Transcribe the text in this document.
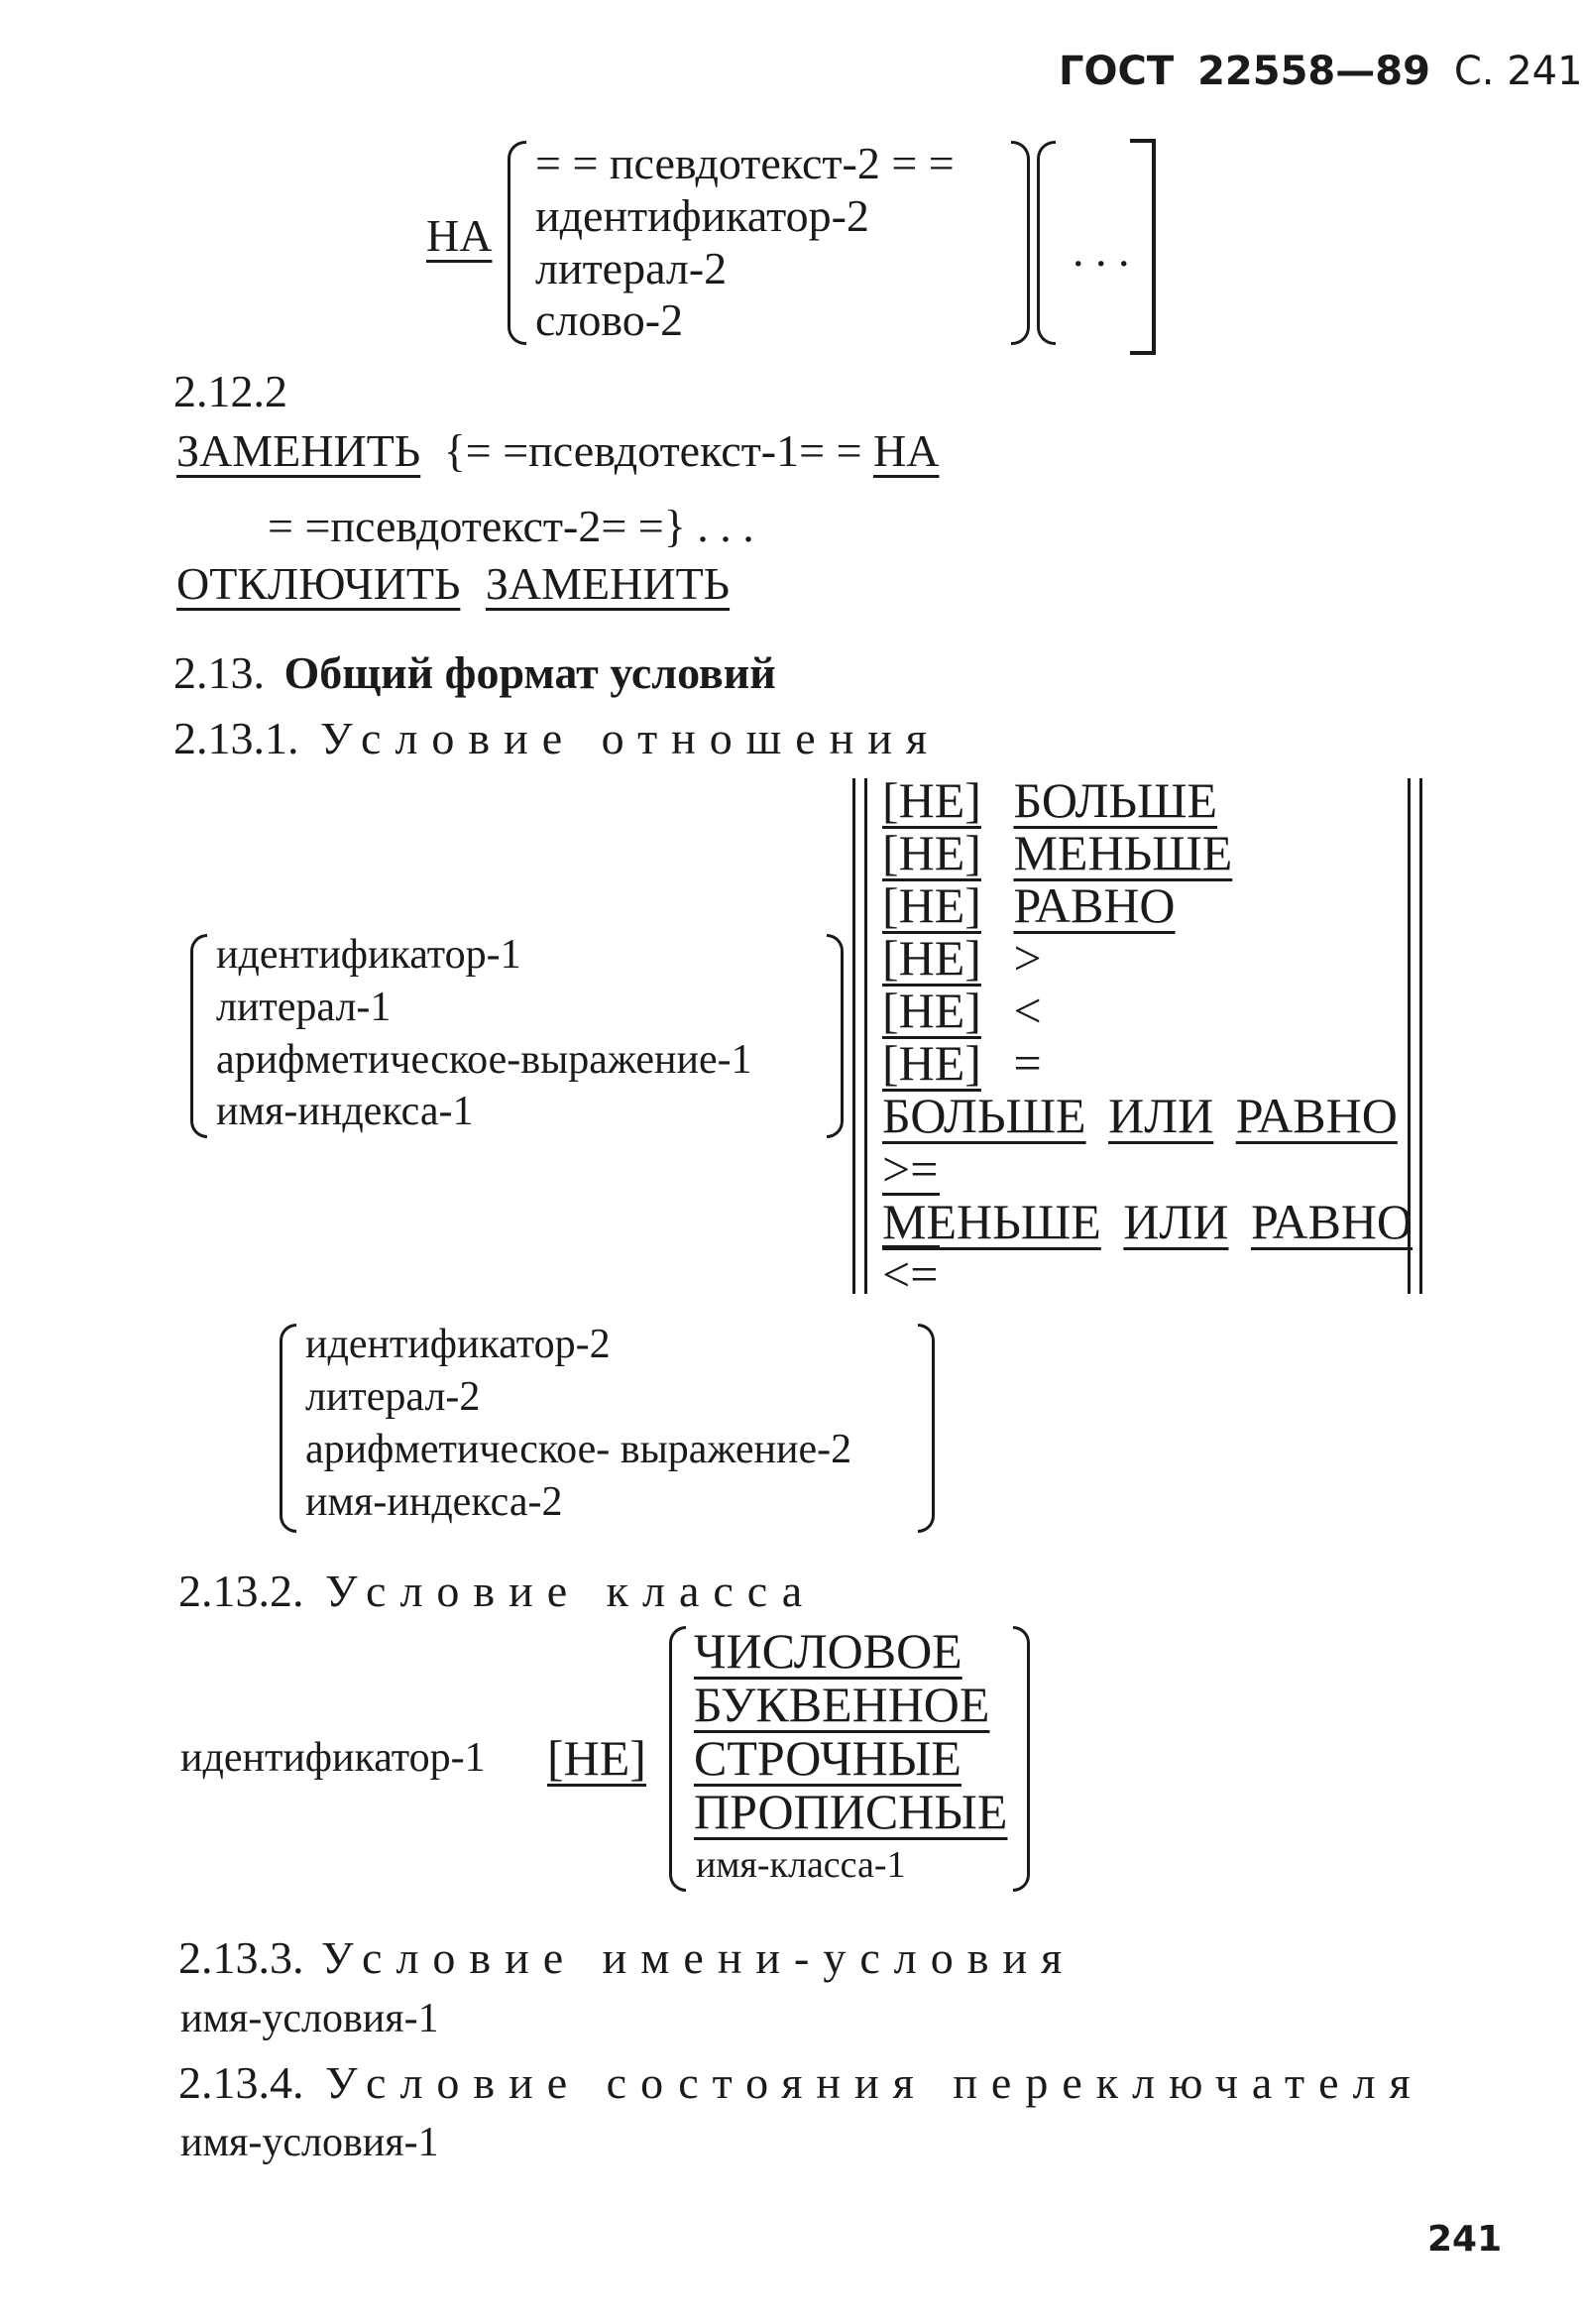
ГОСТ 22558—89 С. 241
НА
= = псевдотекст-2 = =
идентификатор-2
литерал-2
слово-2
. . .
2.12.2
ЗАМЕНИТЬ {= =псевдотекст-1= = НА
= =псевдотекст-2= =} . . .
ОТКЛЮЧИТЬ ЗАМЕНИТЬ
2.13. Общий формат условий
2.13.1. Условие отношения
идентификатор-1
литерал-1
арифметическое-выражение-1
имя-индекса-1
[НЕ] БОЛЬШЕ
[НЕ] МЕНЬШЕ
[НЕ] РАВНО
[НЕ] >
[НЕ] <
[НЕ] =
БОЛЬШЕ ИЛИ РАВНО
>=
МЕНЬШЕ ИЛИ РАВНО
<=
идентификатор-2
литерал-2
арифметическое- выражение-2
имя-индекса-2
2.13.2. Условие класса
идентификатор-1 [НЕ]
ЧИСЛОВОЕ
БУКВЕННОЕ
СТРОЧНЫЕ
ПРОПИСНЫЕ
имя-класса-1
2.13.3. Условие имени-условия
имя-условия-1
2.13.4. Условие состояния переключателя
имя-условия-1
241
